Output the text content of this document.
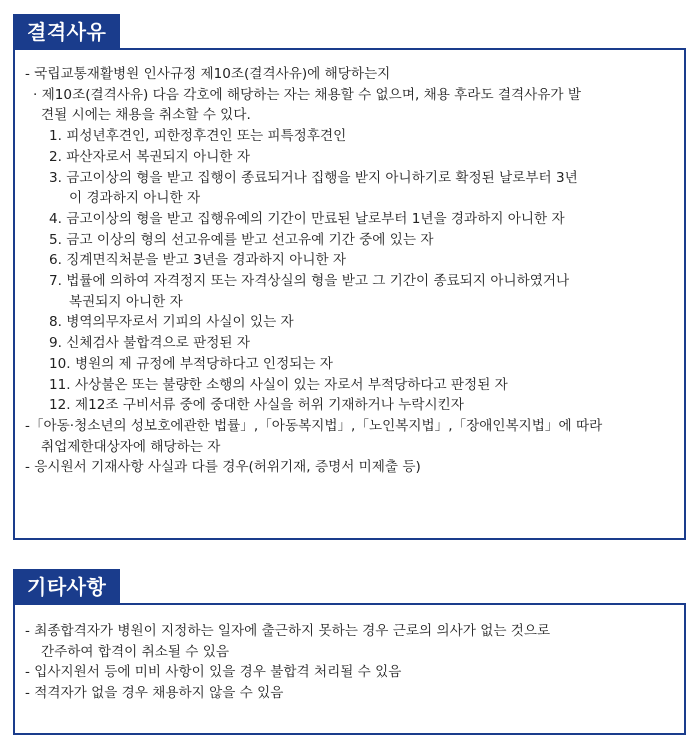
결격사유
- 국립교통재활병원 인사규정 제10조(결격사유)에 해당하는지
· 제10조(결격사유) 다음 각호에 해당하는 자는 채용할 수 없으며, 채용 후라도 결격사유가 발
견될 시에는 채용을 취소할 수 있다.
1. 피성년후견인, 피한정후견인 또는 피특정후견인
2. 파산자로서 복권되지 아니한 자
3. 금고이상의 형을 받고 집행이 종료되거나 집행을 받지 아니하기로 확정된 날로부터 3년
이 경과하지 아니한 자
4. 금고이상의 형을 받고 집행유예의 기간이 만료된 날로부터 1년을 경과하지 아니한 자
5. 금고 이상의 형의 선고유예를 받고 선고유예 기간 중에 있는 자
6. 징계면직처분을 받고 3년을 경과하지 아니한 자
7. 법률에 의하여 자격정지 또는 자격상실의 형을 받고 그 기간이 종료되지 아니하였거나
복권되지 아니한 자
8. 병역의무자로서 기피의 사실이 있는 자
9. 신체검사 불합격으로 판정된 자
10. 병원의 제 규정에 부적당하다고 인정되는 자
11. 사상불온 또는 불량한 소행의 사실이 있는 자로서 부적당하다고 판정된 자
12. 제12조 구비서류 중에 중대한 사실을 허위 기재하거나 누락시킨자
-「아동·청소년의 성보호에관한 법률」,「아동복지법」,「노인복지법」,「장애인복지법」에 따라
취업제한대상자에 해당하는 자
- 응시원서 기재사항 사실과 다를 경우(허위기재, 증명서 미제출 등)
기타사항
- 최종합격자가 병원이 지정하는 일자에 출근하지 못하는 경우 근로의 의사가 없는 것으로
간주하여 합격이 취소될 수 있음
- 입사지원서 등에 미비 사항이 있을 경우 불합격 처리될 수 있음
- 적격자가 없을 경우 채용하지 않을 수 있음
